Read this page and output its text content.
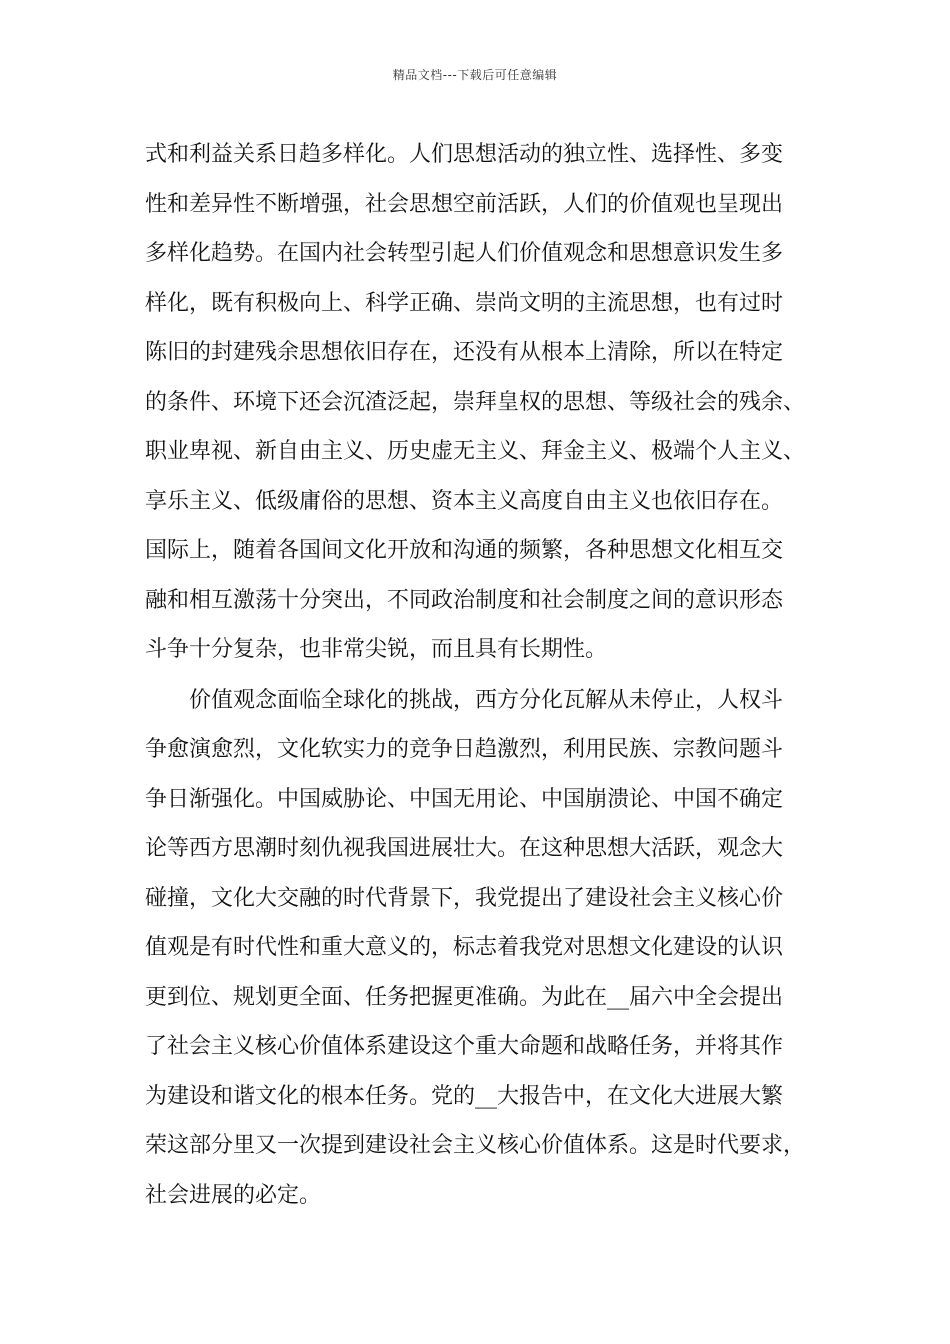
精品文档---下载后可任意编辑
式和利益关系日趋多样化。人们思想活动的独立性、选择性、多变
性和差异性不断增强，社会思想空前活跃，人们的价值观也呈现出
多样化趋势。在国内社会转型引起人们价值观念和思想意识发生多
样化，既有积极向上、科学正确、崇尚文明的主流思想，也有过时
陈旧的封建残余思想依旧存在，还没有从根本上清除，所以在特定
的条件、环境下还会沉渣泛起，崇拜皇权的思想、等级社会的残余、
职业卑视、新自由主义、历史虚无主义、拜金主义、极端个人主义、
享乐主义、低级庸俗的思想、资本主义高度自由主义也依旧存在。
国际上，随着各国间文化开放和沟通的频繁，各种思想文化相互交
融和相互激荡十分突出，不同政治制度和社会制度之间的意识形态
斗争十分复杂，也非常尖锐，而且具有长期性。
价值观念面临全球化的挑战，西方分化瓦解从未停止，人权斗
争愈演愈烈，文化软实力的竞争日趋激烈，利用民族、宗教问题斗
争日渐强化。中国威胁论、中国无用论、中国崩溃论、中国不确定
论等西方思潮时刻仇视我国进展壮大。在这种思想大活跃，观念大
碰撞，文化大交融的时代背景下，我党提出了建设社会主义核心价
值观是有时代性和重大意义的，标志着我党对思想文化建设的认识
更到位、规划更全面、任务把握更准确。为此在__届六中全会提出
了社会主义核心价值体系建设这个重大命题和战略任务，并将其作
为建设和谐文化的根本任务。党的__大报告中，在文化大进展大繁
荣这部分里又一次提到建设社会主义核心价值体系。这是时代要求，
社会进展的必定。
